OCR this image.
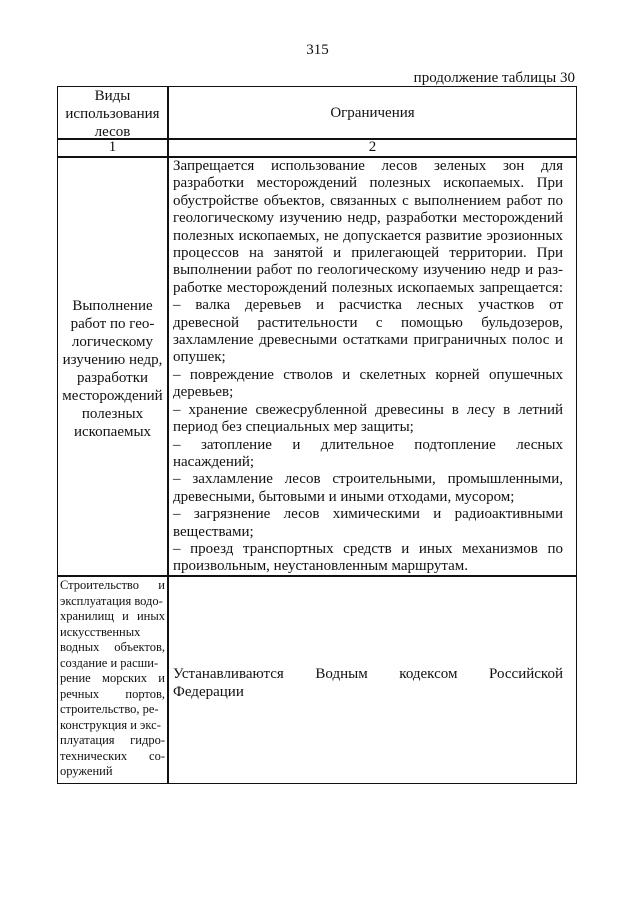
315
продолжение таблицы 30

Виды

использования

лесов

Ограничения
1	2

Выполнение

работ по гео-

логическому

изучению недр,

разработки

месторождений

полезных

ископаемых

Запрещается использование лесов зеленых зон для

разработки месторождений полезных ископаемых. При

обустройстве объектов, связанных с выполнением работ по

геологическому изучению недр, разработки месторождений

полезных ископаемых, не допускается развитие эрозионных

процессов на занятой и прилегающей территории. При

выполнении работ по геологическому изучению недр и раз-

работке месторождений полезных ископаемых запрещается:

– валка деревьев и расчистка лесных участков от

древесной растительности с помощью бульдозеров,

захламление древесными остатками приграничных полос и

опушек;

– повреждение стволов и скелетных корней опушечных

деревьев;

– хранение свежесрубленной древесины в лесу в летний

период без специальных мер защиты;

– затопление и длительное подтопление лесных

насаждений;

– захламление лесов строительными, промышленными,

древесными, бытовыми и иными отходами, мусором;

– загрязнение лесов химическими и радиоактивными

веществами;

– проезд транспортных средств и иных механизмов по

произвольным, неустановленным маршрутам.

Строительство и

эксплуатация водо-

хранилищ и иных

искусственных

водных объектов,

создание и расши-

рение морских и

речных портов,

строительство, ре-

конструкция и экс-

плуатация гидро-

технических со-

оружений

Устанавливаются Водным кодексом Российской

Федерации
